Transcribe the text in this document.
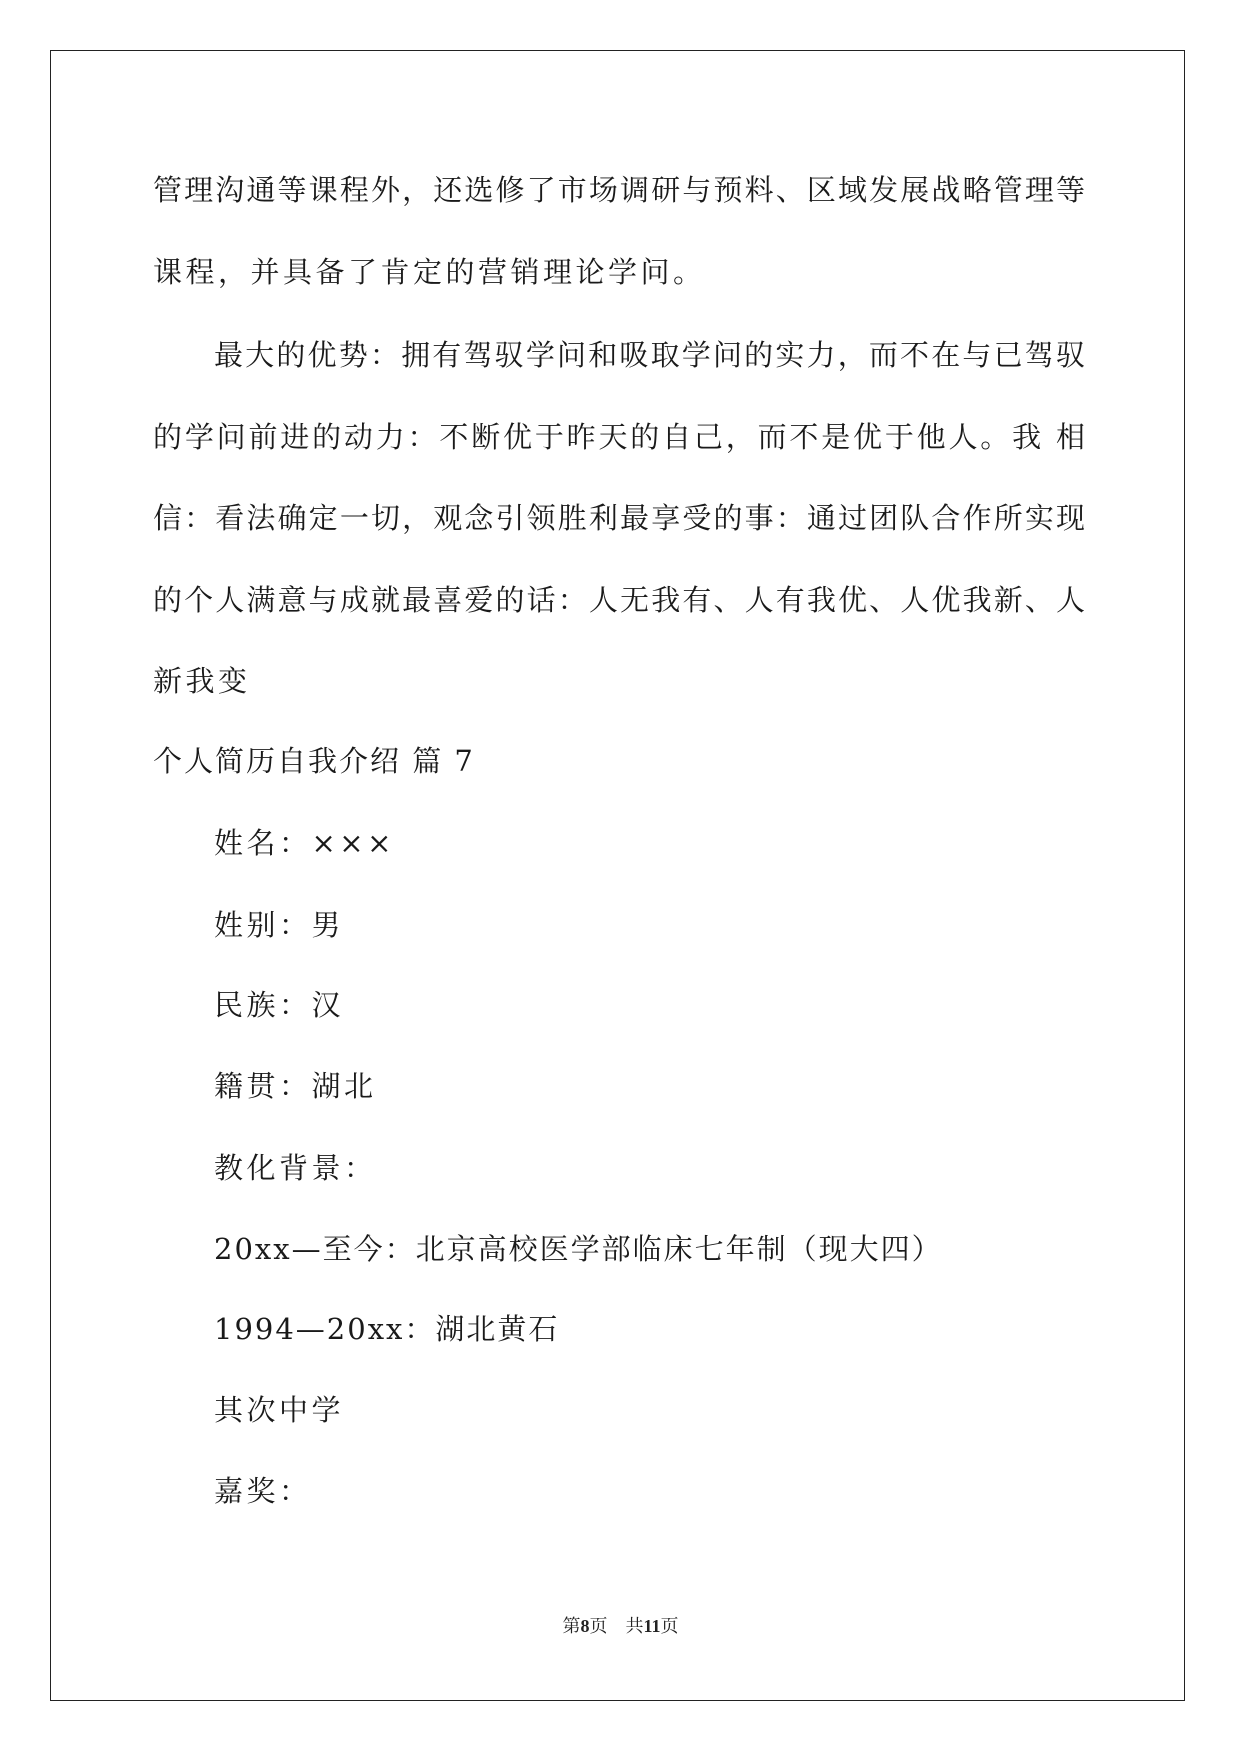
管理沟通等课程外，还选修了市场调研与预料、区域发展战略管理等
课程，并具备了肯定的营销理论学问。
最大的优势：拥有驾驭学问和吸取学问的实力，而不在与已驾驭
的学问前进的动力：不断优于昨天的自己，而不是优于他人。我 相
信：看法确定一切，观念引领胜利最享受的事：通过团队合作所实现
的个人满意与成就最喜爱的话：人无我有、人有我优、人优我新、人
新我变
个人简历自我介绍 篇 7
姓名：×××
姓别：男
民族：汉
籍贯：湖北
教化背景：
20xx—至今：北京高校医学部临床七年制（现大四）
1994—20xx：湖北黄石
其次中学
嘉奖：
第8页　共11页
